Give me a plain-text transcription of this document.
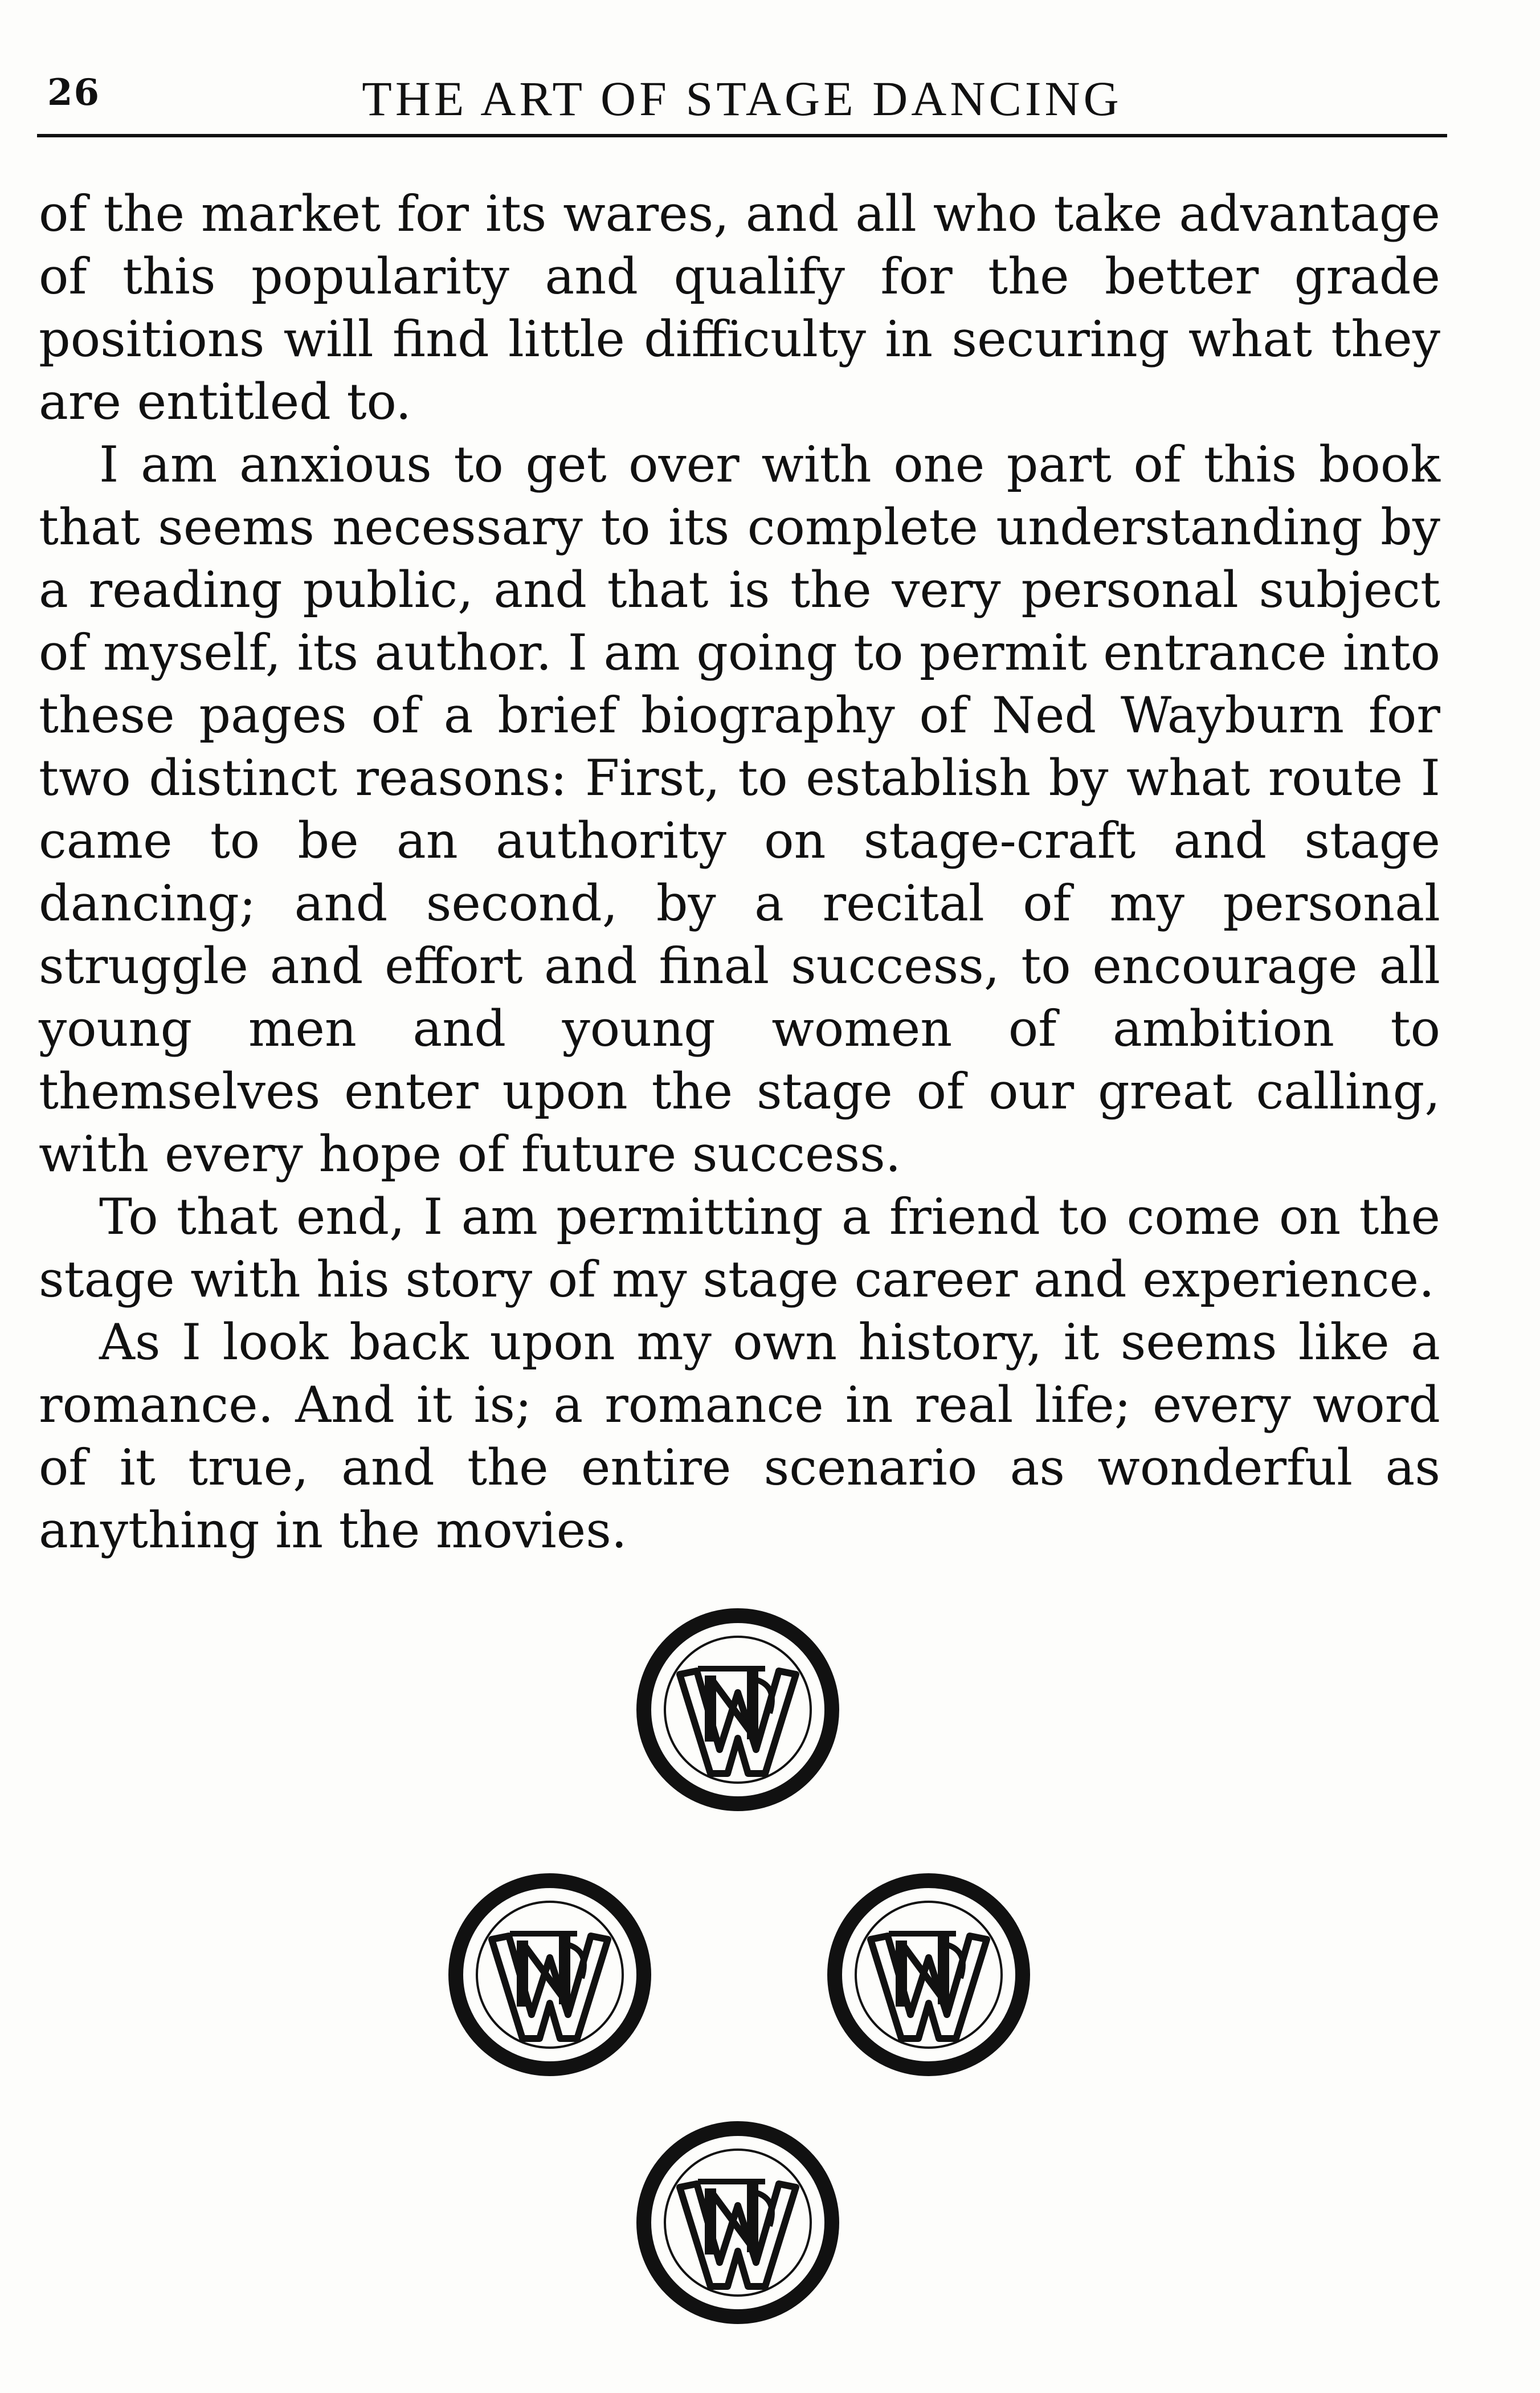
26	THE ART OF STAGE DANCING

of the market for its wares, and all who take advantage of this popularity and qualify for the better grade positions will find little difficulty in securing what they are entitled to.

I am anxious to get over with one part of this book that seems necessary to its complete understanding by a reading public, and that is the very personal subject of myself, its author. I am going to permit entrance into these pages of a brief biography of Ned Wayburn for two distinct reasons: First, to establish by what route I came to be an authority on stage-craft and stage dancing; and second, by a recital of my personal struggle and effort and final success, to encourage all young men and young women of ambition to themselves enter upon the stage of our great calling, with every hope of future success.

To that end, I am permitting a friend to come on the stage with his story of my stage career and experience.

As I look back upon my own history, it seems like a romance. And it is; a romance in real life; every word of it true, and the entire scenario as wonderful as anything in the movies.
